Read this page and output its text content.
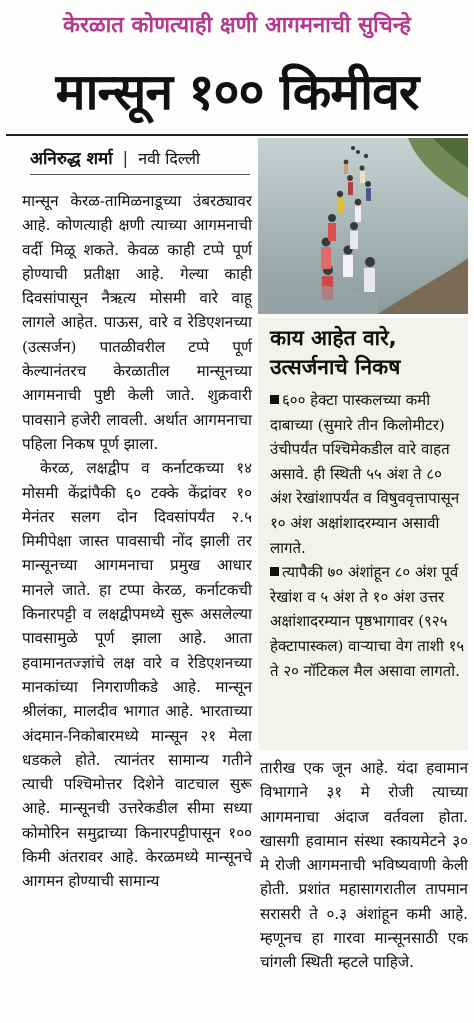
केरळात कोणत्याही क्षणी आगमनाची सुचिन्हे
मान्सून १०० किमीवर
अनिरुद्ध शर्मा | नवी दिल्ली

मान्सून केरळ-तामिळनाडूच्या उंबरठ्यावर आहे. कोणत्याही क्षणी त्याच्या आगमनाची वर्दी मिळू शकते. केवळ काही टप्पे पूर्ण होण्याची प्रतीक्षा आहे. गेल्या काही दिवसांपासून नैऋत्य मोसमी वारे वाहू लागले आहेत. पाऊस, वारे व रेडिएशनच्या (उत्सर्जन) पातळीवरील टप्पे पूर्ण केल्यानंतरच केरळातील मान्सूनच्या आगमनाची पुष्टी केली जाते. शुक्रवारी पावसाने हजेरी लावली. अर्थात आगमनाचा पहिला निकष पूर्ण झाला.

केरळ, लक्षद्वीप व कर्नाटकच्या १४ मोसमी केंद्रांपैकी ६० टक्के केंद्रांवर १० मेनंतर सलग दोन दिवसांपर्यंत २.५ मिमीपेक्षा जास्त पावसाची नोंद झाली तर मान्सूनच्या आगमनाचा प्रमुख आधार मानले जाते. हा टप्पा केरळ, कर्नाटकची किनारपट्टी व लक्षद्वीपमध्ये सुरू असलेल्या पावसामुळे पूर्ण झाला आहे. आता हवामानतज्ज्ञांचे लक्ष वारे व रेडिएशनच्या मानकांच्या निगराणीकडे आहे. मान्सून श्रीलंका, मालदीव भागात आहे. भारताच्या अंदमान-निकोबारमध्ये मान्सून २१ मेला धडकले होते. त्यानंतर सामान्य गतीने त्याची पश्चिमोत्तर दिशेने वाटचाल सुरू आहे. मान्सूनची उत्तरेकडील सीमा सध्या कोमोरिन समुद्राच्या किनारपट्टीपासून १०० किमी अंतरावर आहे. केरळमध्ये मान्सूनचे आगमन होण्याची सामान्य

काय आहेत वारे,
उत्सर्जनाचे निकष

६०० हेक्टा पास्कलच्या कमी दाबाच्या (सुमारे तीन किलोमीटर) उंचीपर्यंत पश्चिमेकडील वारे वाहत असावे. ही स्थिती ५५ अंश ते ८० अंश रेखांशापर्यंत व विषुववृत्तापासून १० अंश अक्षांशादरम्यान असावी लागते.

त्यापैकी ७० अंशांहून ८० अंश पूर्व रेखांश व ५ अंश ते १० अंश उत्तर अक्षांशादरम्यान पृष्ठभागावर (९२५ हेक्टापास्कल) वाऱ्याचा वेग ताशी १५ ते २० नॉटिकल मैल असावा लागतो.

तारीख एक जून आहे. यंदा हवामान विभागाने ३१ मे रोजी त्याच्या आगमनाचा अंदाज वर्तवला होता. खासगी हवामान संस्था स्कायमेटने ३० मे रोजी आगमनाची भविष्यवाणी केली होती. प्रशांत महासागरातील तापमान सरासरी ते ०.३ अंशांहून कमी आहे. म्हणूनच हा गारवा मान्सूनसाठी एक चांगली स्थिती म्हटले पाहिजे.
